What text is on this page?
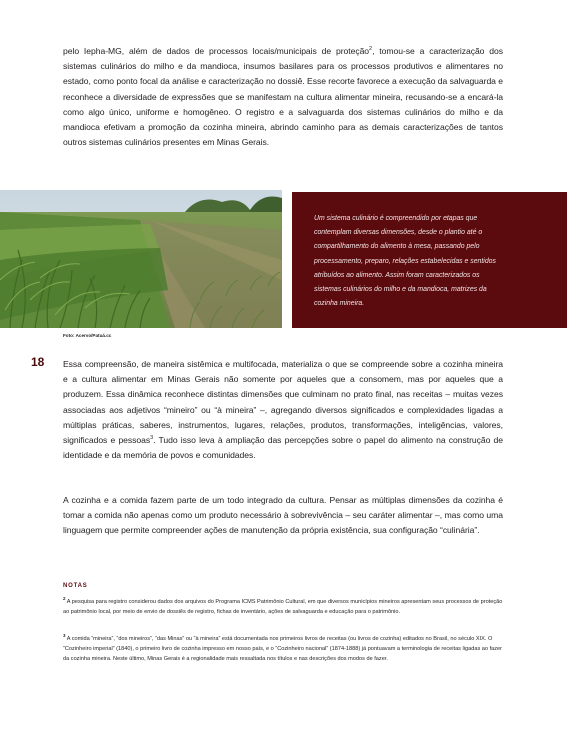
pelo Iepha-MG, além de dados de processos locais/municipais de proteção$^2$, tomou-se a caracterização dos sistemas culinários do milho e da mandioca, insumos basilares para os processos produtivos e alimentares no estado, como ponto focal da análise e caracterização no dossiê. Esse recorte favorece a execução da salvaguarda e reconhece a diversidade de expressões que se manifestam na cultura alimentar mineira, recusando-se a encará-la como algo único, uniforme e homogêneo. O registro e a salvaguarda dos sistemas culinários do milho e da mandioca efetivam a promoção da cozinha mineira, abrindo caminho para as demais caracterizações de tantos outros sistemas culinários presentes em Minas Gerais.

Foto: Acervo/Patuá.cc

Um sistema culinário é compreendido por etapas que contemplam diversas dimensões, desde o plantio até o compartilhamento do alimento à mesa, passando pelo processamento, preparo, relações estabelecidas e sentidos atribuídos ao alimento. Assim foram caracterizados os sistemas culinários do milho e da mandioca, matrizes da cozinha mineira.

18 Essa compreensão, de maneira sistêmica e multifocada, materializa o que se compreende sobre a cozinha mineira e a cultura alimentar em Minas Gerais não somente por aqueles que a consomem, mas por aqueles que a produzem. Essa dinâmica reconhece distintas dimensões que culminam no prato final, nas receitas – muitas vezes associadas aos adjetivos “mineiro” ou “à mineira” –, agregando diversos significados e complexidades ligadas a múltiplas práticas, saberes, instrumentos, lugares, relações, produtos, transformações, inteligências, valores, significados e pessoas$^3$. Tudo isso leva à ampliação das percepções sobre o papel do alimento na construção de identidade e da memória de povos e comunidades.

A cozinha e a comida fazem parte de um todo integrado da cultura. Pensar as múltiplas dimensões da cozinha é tomar a comida não apenas como um produto necessário à sobrevivência – seu caráter alimentar –, mas como uma linguagem que permite compreender ações de manutenção da própria existência, sua configuração “culinária”.

NOTAS

$^2$ A pesquisa para registro considerou dados dos arquivos do Programa ICMS Patrimônio Cultural, em que diversos municípios mineiros apresentam seus processos de proteção ao patrimônio local, por meio de envio de dossiês de registro, fichas de inventário, ações de salvaguarda e educação para o patrimônio.

$^3$ A comida “mineira”, “dos mineiros”, “das Minas” ou “à mineira” está documentada nos primeiros livros de receitas (ou livros de cozinha) editados no Brasil, no século XIX. O “Cozinheiro imperial” (1840), o primeiro livro de cozinha impresso em nosso país, e o “Cozinheiro nacional” (1874-1888) já pontuavam a terminologia de receitas ligadas ao fazer da cozinha mineira. Neste último, Minas Gerais é a regionalidade mais ressaltada nos títulos e nas descrições dos modos de fazer.
